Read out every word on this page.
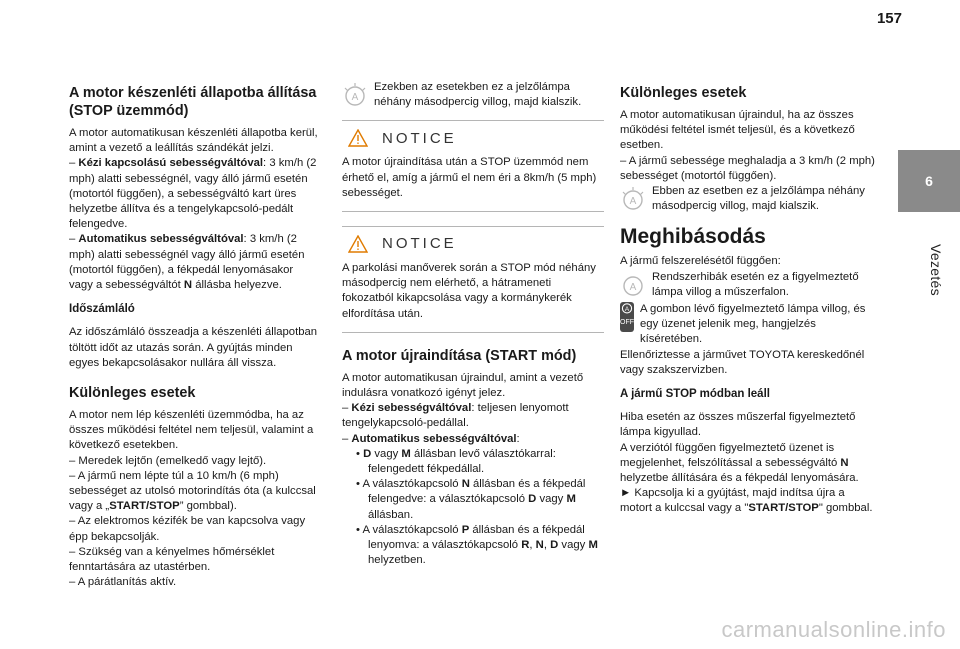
157
6
Vezetés
A motor készenléti állapotba állítása (STOP üzemmód)

A motor automatikusan készenléti állapotba kerül, amint a vezető a leállítás szándékát jelzi.

– Kézi kapcsolású sebességváltóval: 3 km/h (2 mph) alatti sebességnél, vagy álló jármű esetén (motortól függően), a sebességváltó kart üres helyzetbe állítva és a tengelykapcsoló-pedált felengedve.

– Automatikus sebességváltóval: 3 km/h (2 mph) alatti sebességnél vagy álló jármű esetén (motortól függően), a fékpedál lenyomásakor vagy a sebességváltót N állásba helyezve.

Időszámláló

Az időszámláló összeadja a készenléti állapotban töltött időt az utazás során. A gyújtás minden egyes bekapcsolásakor nullára áll vissza.

Különleges esetek

A motor nem lép készenléti üzemmódba, ha az összes működési feltétel nem teljesül, valamint a következő esetekben.

– Meredek lejtőn (emelkedő vagy lejtő).

– A jármű nem lépte túl a 10 km/h (6 mph) sebességet az utolsó motorindítás óta (a kulccsal vagy a „START/STOP” gombbal).

– Az elektromos kézifék be van kapcsolva vagy épp bekapcsolják.

– Szükség van a kényelmes hőmérséklet fenntartására az utastérben.

– A párátlanítás aktív.

A

Ezekben az esetekben ez a jelzőlámpa néhány másodpercig villog, majd kialszik.

NOTICE

A motor újraindítása után a STOP üzemmód nem érhető el, amíg a jármű el nem éri a 8km/h (5 mph) sebességet.

NOTICE

A parkolási manőverek során a STOP mód néhány másodpercig nem elérhető, a hátrameneti fokozatból kikapcsolása vagy a kormánykerék elfordítása után.

A motor újraindítása (START mód)

A motor automatikusan újraindul, amint a vezető indulásra vonatkozó igényt jelez.

– Kézi sebességváltóval: teljesen lenyomott tengelykapcsoló-pedállal.

– Automatikus sebességváltóval:

• D vagy M állásban levő választókarral: felengedett fékpedállal.

• A választókapcsoló N állásban és a fékpedál felengedve: a választókapcsoló D vagy M állásban.

• A választókapcsoló P állásban és a fékpedál lenyomva: a választókapcsoló R, N, D vagy M helyzetben.

Különleges esetek

A motor automatikusan újraindul, ha az összes működési feltétel ismét teljesül, és a következő esetben.

– A jármű sebessége meghaladja a 3 km/h (2 mph) sebességet (motortól függően).

A

Ebben az esetben ez a jelzőlámpa néhány másodpercig villog, majd kialszik.

Meghibásodás

A jármű felszerelésétől függően:

A

Rendszerhibák esetén ez a figyelmeztető lámpa villog a műszerfalon.

A
OFF

A gombon lévő figyelmeztető lámpa villog, és egy üzenet jelenik meg, hangjelzés kíséretében.

Ellenőriztesse a járművet TOYOTA kereskedőnél vagy szakszervizben.

A jármű STOP módban leáll

Hiba esetén az összes műszerfal figyelmeztető lámpa kigyullad.

A verziótól függően figyelmeztető üzenet is megjelenhet, felszólítással a sebességváltó N helyzetbe állítására és a fékpedál lenyomására.

► Kapcsolja ki a gyújtást, majd indítsa újra a motort a kulccsal vagy a "START/STOP" gombbal.

carmanualsonline.info
